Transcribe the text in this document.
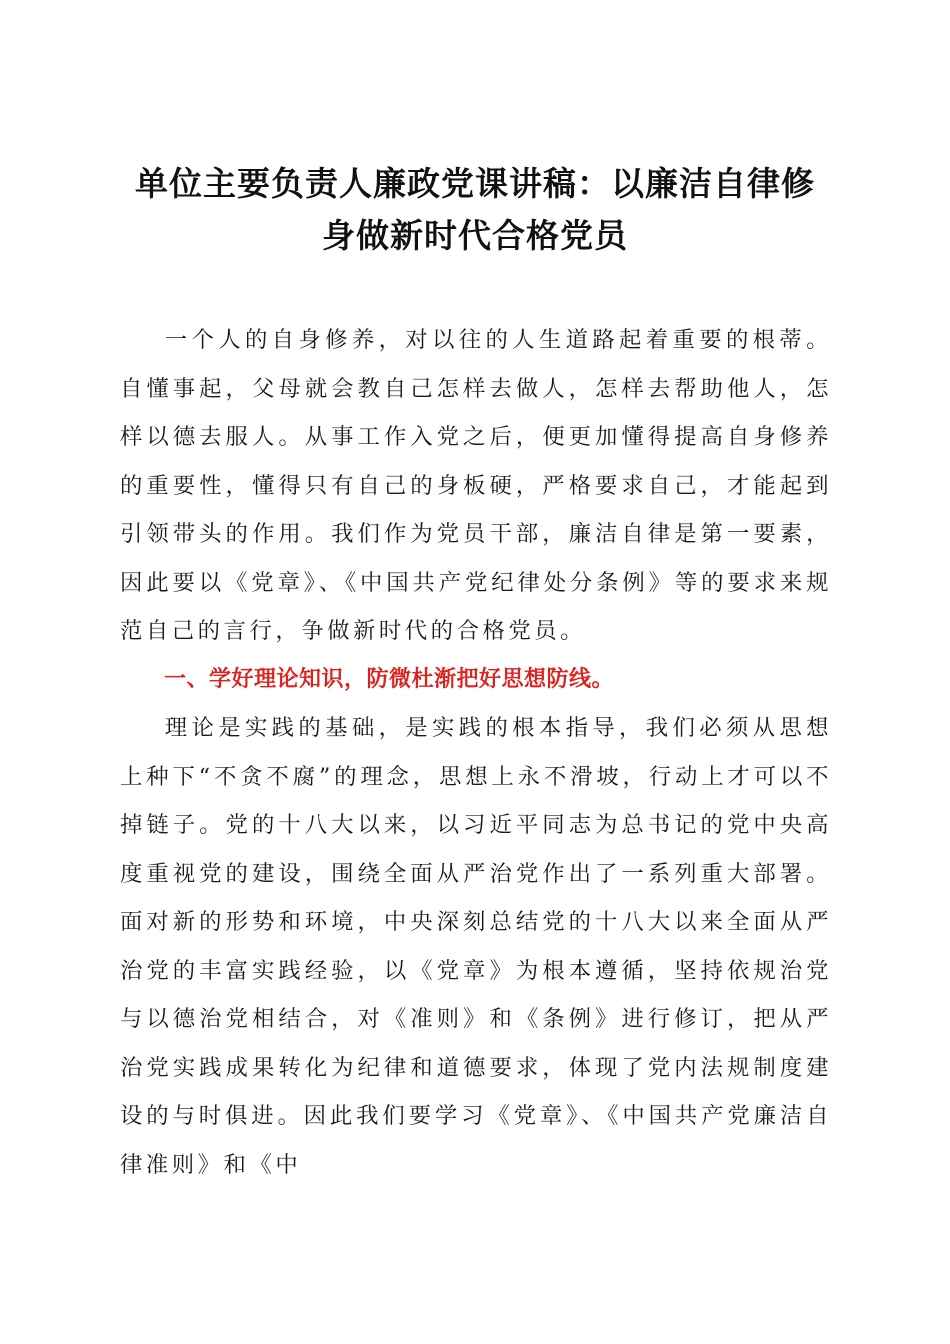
单位主要负责人廉政党课讲稿：以廉洁自律修
身做新时代合格党员

一个人的自身修养，对以往的人生道路起着重要的根蒂。自懂事起，父母就会教自己怎样去做人，怎样去帮助他人，怎样以德去服人。从事工作入党之后，便更加懂得提高自身修养的重要性，懂得只有自己的身板硬，严格要求自己，才能起到引领带头的作用。我们作为党员干部，廉洁自律是第一要素，因此要以《党章》、《中国共产党纪律处分条例》等的要求来规范自己的言行，争做新时代的合格党员。

一、学好理论知识，防微杜渐把好思想防线。

理论是实践的基础，是实践的根本指导，我们必须从思想上种下“不贪不腐”的理念，思想上永不滑坡，行动上才可以不掉链子。党的十八大以来，以习近平同志为总书记的党中央高度重视党的建设，围绕全面从严治党作出了一系列重大部署。面对新的形势和环境，中央深刻总结党的十八大以来全面从严治党的丰富实践经验，以《党章》为根本遵循，坚持依规治党与以德治党相结合，对《准则》和《条例》进行修订，把从严治党实践成果转化为纪律和道德要求，体现了党内法规制度建设的与时俱进。因此我们要学习《党章》、《中国共产党廉洁自律准则》和《中
